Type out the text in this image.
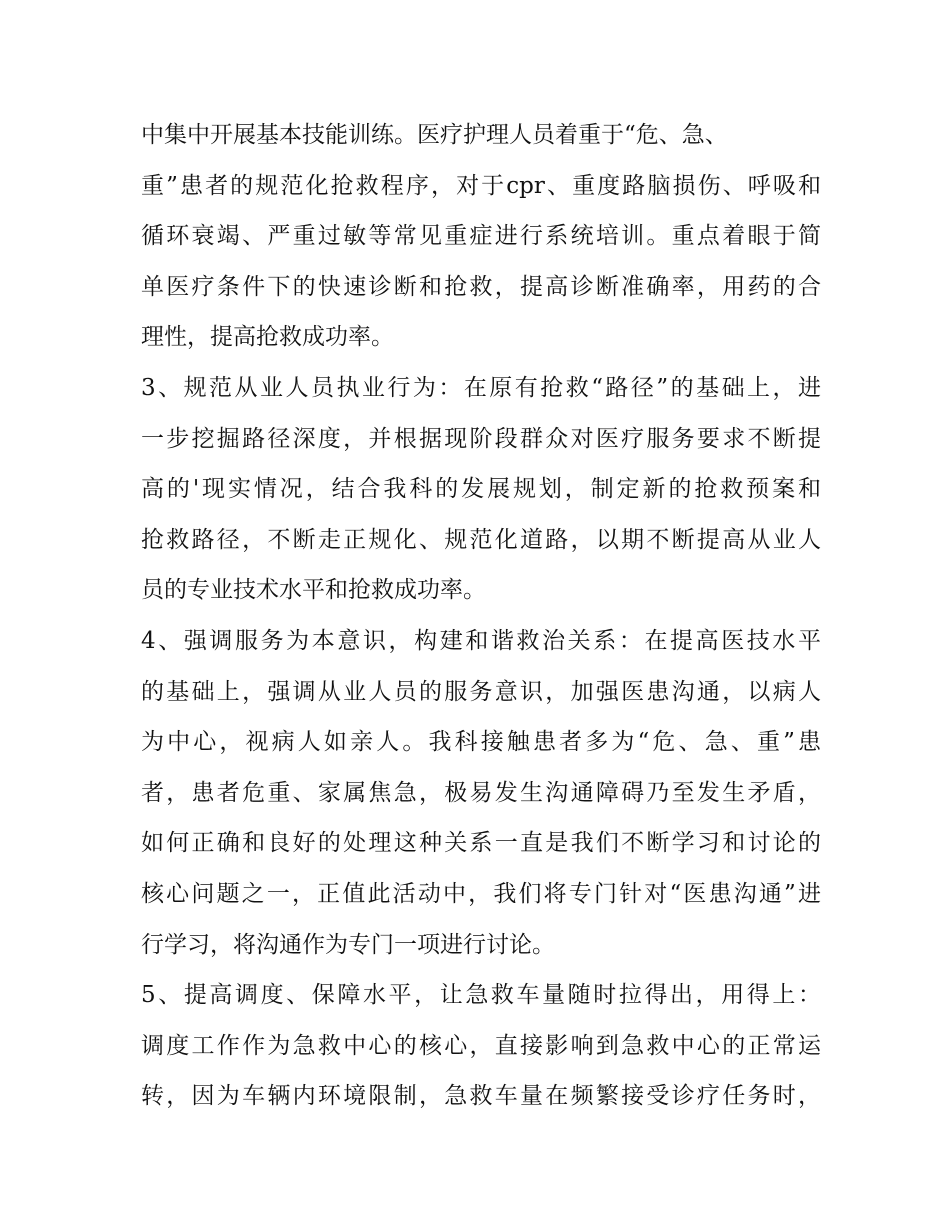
中集中开展基本技能训练。医疗护理人员着重于“危、急、
重”患者的规范化抢救程序，对于cpr、重度路脑损伤、呼吸和
循环衰竭、严重过敏等常见重症进行系统培训。重点着眼于简
单医疗条件下的快速诊断和抢救，提高诊断准确率，用药的合
理性，提高抢救成功率。
3、规范从业人员执业行为：在原有抢救“路径”的基础上，进
一步挖掘路径深度，并根据现阶段群众对医疗服务要求不断提
高的'现实情况，结合我科的发展规划，制定新的抢救预案和
抢救路径，不断走正规化、规范化道路，以期不断提高从业人
员的专业技术水平和抢救成功率。
4、强调服务为本意识，构建和谐救治关系：在提高医技水平
的基础上，强调从业人员的服务意识，加强医患沟通，以病人
为中心，视病人如亲人。我科接触患者多为“危、急、重”患
者，患者危重、家属焦急，极易发生沟通障碍乃至发生矛盾，
如何正确和良好的处理这种关系一直是我们不断学习和讨论的
核心问题之一，正值此活动中，我们将专门针对“医患沟通”进
行学习，将沟通作为专门一项进行讨论。
5、提高调度、保障水平，让急救车量随时拉得出，用得上：
调度工作作为急救中心的核心，直接影响到急救中心的正常运
转，因为车辆内环境限制，急救车量在频繁接受诊疗任务时，
